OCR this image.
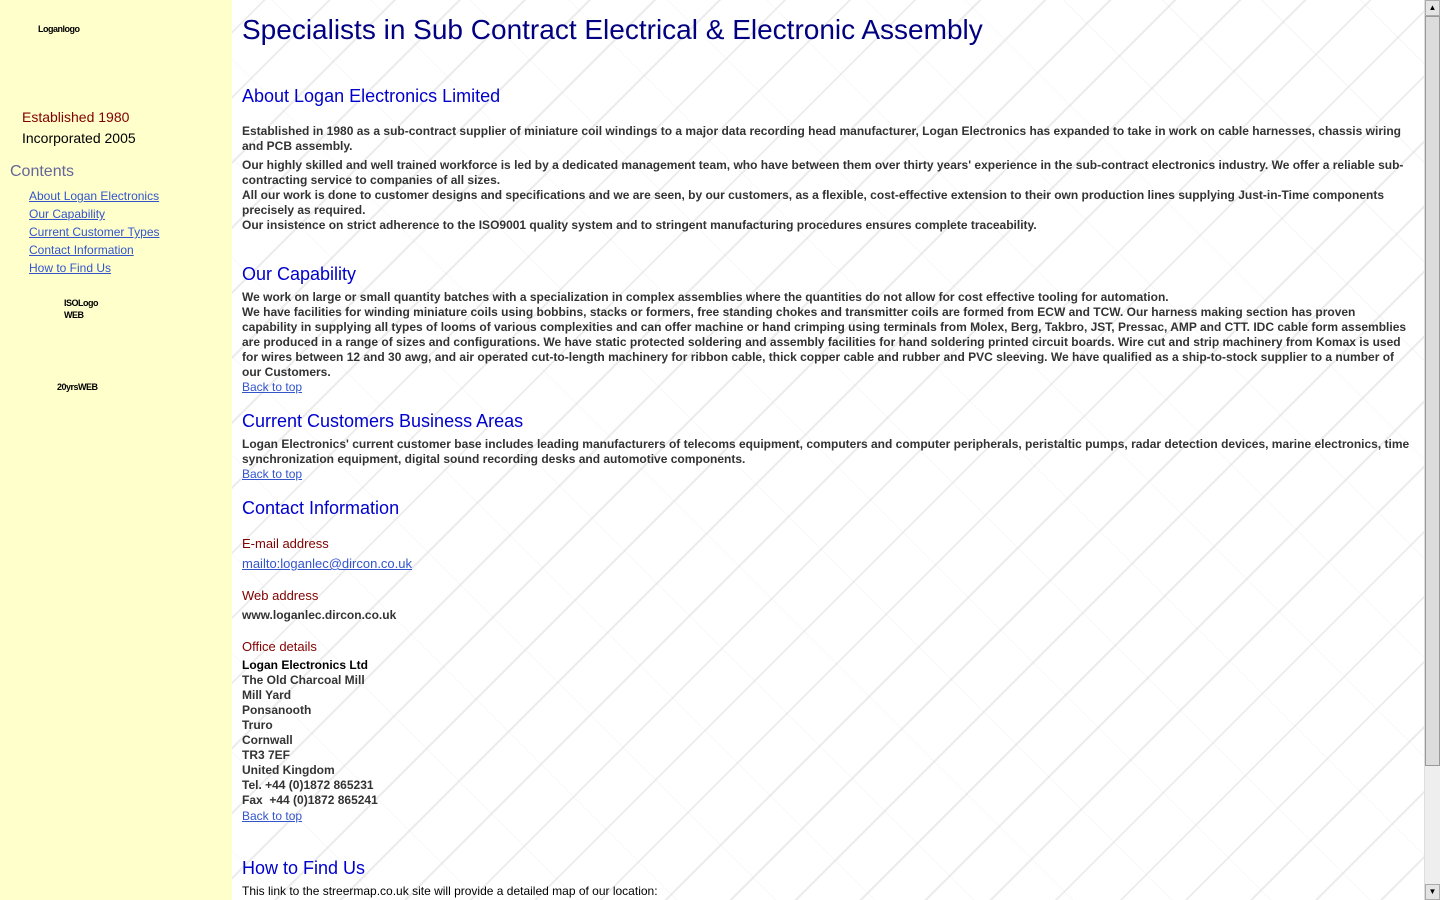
Loganlogo
Established 1980
Incorporated 2005
Contents
About Logan Electronics
Our Capability
Current Customer Types
Contact Information
How to Find Us
ISOLogo
WEB
20yrsWEB
Specialists in Sub Contract Electrical & Electronic Assembly
About Logan Electronics Limited
Established in 1980 as a sub-contract supplier of miniature coil windings to a major data recording head manufacturer, Logan Electronics has expanded to take in work on cable harnesses, chassis wiring and PCB assembly.
Our highly skilled and well trained workforce is led by a dedicated management team, who have between them over thirty years' experience in the sub-contract electronics industry. We offer a reliable sub-contracting service to companies of all sizes.
All our work is done to customer designs and specifications and we are seen, by our customers, as a flexible, cost-effective extension to their own production lines supplying Just-in-Time components precisely as required.
Our insistence on strict adherence to the ISO9001 quality system and to stringent manufacturing procedures ensures complete traceability.
Our Capability
We work on large or small quantity batches with a specialization in complex assemblies where the quantities do not allow for cost effective tooling for automation.
We have facilities for winding miniature coils using bobbins, stacks or formers, free standing chokes and transmitter coils are formed from ECW and TCW. Our harness making section has proven capability in supplying all types of looms of various complexities and can offer machine or hand crimping using terminals from Molex, Berg, Takbro, JST, Pressac, AMP and CTT. IDC cable form assemblies are produced in a range of sizes and configurations. We have static protected soldering and assembly facilities for hand soldering printed circuit boards. Wire cut and strip machinery from Komax is used for wires between 12 and 30 awg, and air operated cut-to-length machinery for ribbon cable, thick copper cable and rubber and PVC sleeving. We have qualified as a ship-to-stock supplier to a number of our Customers.
Back to top
Current Customers Business Areas
Logan Electronics' current customer base includes leading manufacturers of telecoms equipment, computers and computer peripherals, peristaltic pumps, radar detection devices, marine electronics, time synchronization equipment, digital sound recording desks and automotive components.
Back to top
Contact Information
E-mail address
mailto:loganlec@dircon.co.uk
Web address
www.loganlec.dircon.co.uk
Office details
Logan Electronics Ltd
The Old Charcoal Mill
Mill Yard
Ponsanooth
Truro
Cornwall
TR3 7EF
United Kingdom
Tel. +44 (0)1872 865231
Fax  +44 (0)1872 865241
Back to top
How to Find Us
This link to the streermap.co.uk site will provide a detailed map of our location:
▲
▼
